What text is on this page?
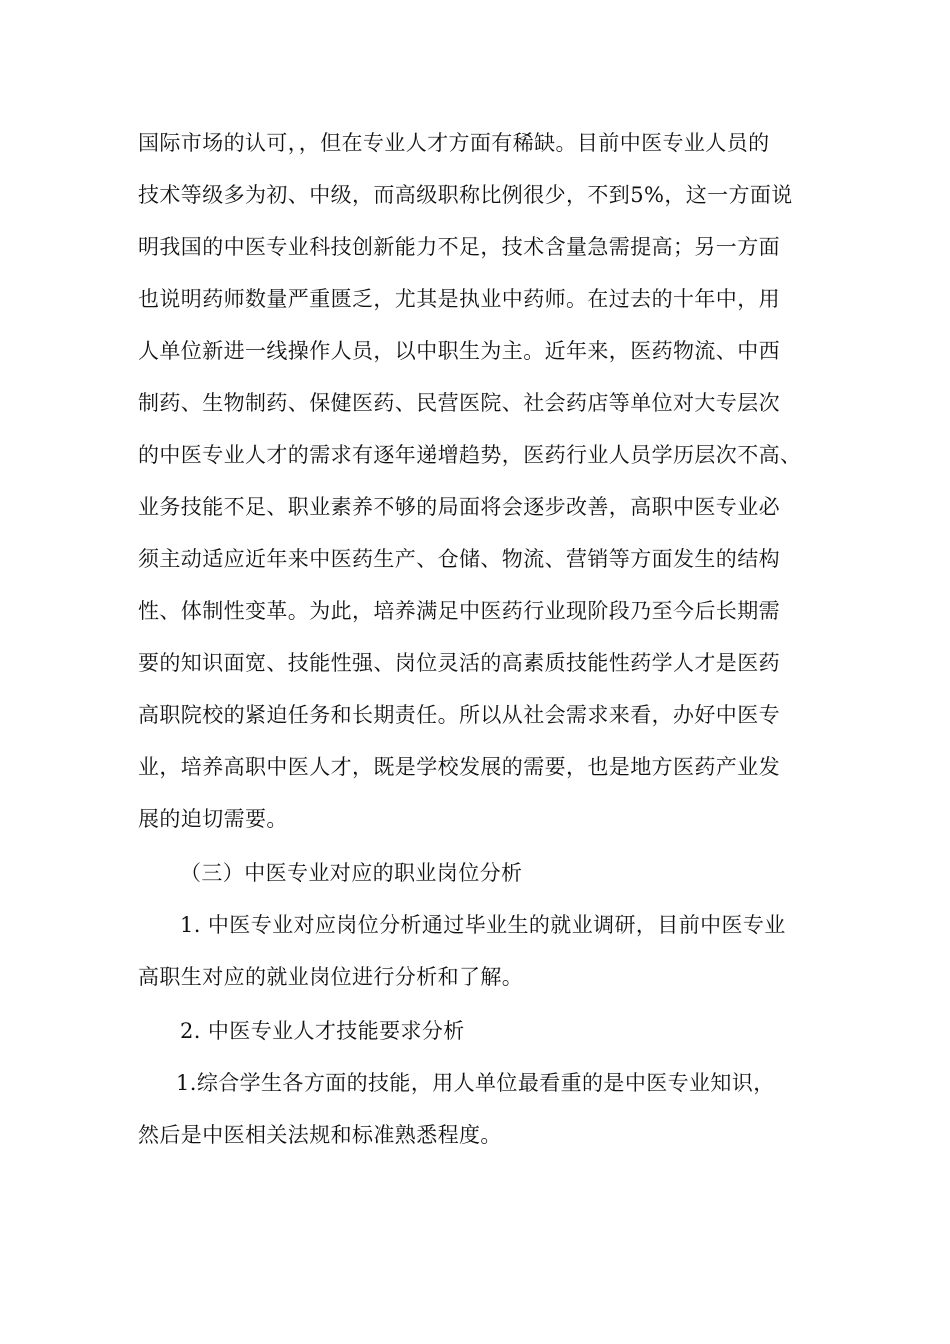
国际市场的认可，，但在专业人才方面有稀缺。目前中医专业人员的
技术等级多为初、中级，而高级职称比例很少，不到5%，这一方面说
明我国的中医专业科技创新能力不足，技术含量急需提高；另一方面
也说明药师数量严重匮乏，尤其是执业中药师。在过去的十年中，用
人单位新进一线操作人员，以中职生为主。近年来，医药物流、中西
制药、生物制药、保健医药、民营医院、社会药店等单位对大专层次
的中医专业人才的需求有逐年递增趋势，医药行业人员学历层次不高、
业务技能不足、职业素养不够的局面将会逐步改善，高职中医专业必
须主动适应近年来中医药生产、仓储、物流、营销等方面发生的结构
性、体制性变革。为此，培养满足中医药行业现阶段乃至今后长期需
要的知识面宽、技能性强、岗位灵活的高素质技能性药学人才是医药
高职院校的紧迫任务和长期责任。所以从社会需求来看，办好中医专
业，培养高职中医人才，既是学校发展的需要，也是地方医药产业发
展的迫切需要。
（三）中医专业对应的职业岗位分析
1. 中医专业对应岗位分析通过毕业生的就业调研，目前中医专业
高职生对应的就业岗位进行分析和了解。
2. 中医专业人才技能要求分析
1.综合学生各方面的技能，用人单位最看重的是中医专业知识，
然后是中医相关法规和标准熟悉程度。
